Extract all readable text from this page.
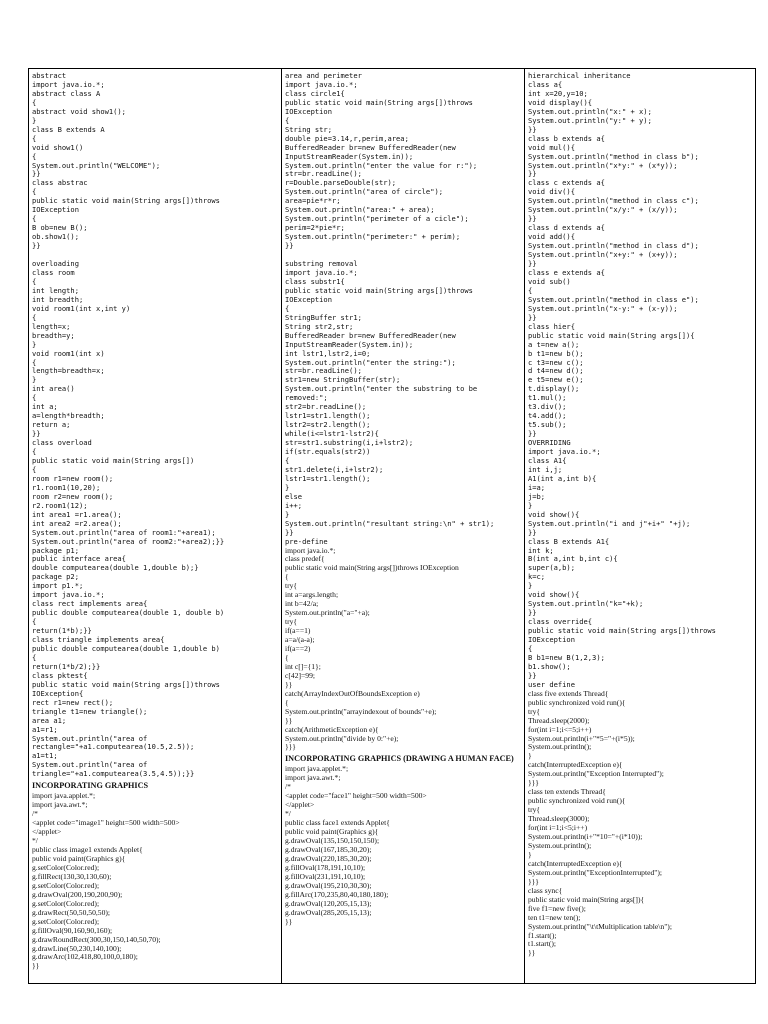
abstract
import java.io.*;
abstract class A
{
abstract void show1();
}
class B extends A
{
void show1()
{
System.out.println("WELCOME");
}}
class abstrac
{
public static void main(String args[])throws
IOException
{
B ob=new B();
ob.show1();
}}

overloading
class room
{
int length;
int breadth;
void room1(int x,int y)
{
length=x;
breadth=y;
}
void room1(int x)
{
length=breadth=x;
}
int area()
{
int a;
a=length*breadth;
return a;
}}
class overload
{
public static void main(String args[])
{
room r1=new room();
r1.room1(10,20);
room r2=new room();
r2.room1(12);
int area1 =r1.area();
int area2 =r2.area();
System.out.println("area of room1:"+area1);
System.out.println("area of room2:"+area2);}}
package p1;
public interface area{
double computearea(double 1,double b);}
package p2;
import p1.*;
import java.io.*;
class rect implements area{
public double computearea(double 1, double b)
{
return(1*b);}}
class triangle implements area{
public double computearea(double 1,double b)
{
return(1*b/2);}}
class pktest{
public static void main(String args[])throws
IOException{
rect r1=new rect();
triangle t1=new triangle();
area a1;
a1=r1;
System.out.println("area of
rectangle="+a1.computearea(10.5,2.5));
a1=t1;
System.out.println("area of
triangle="+a1.computearea(3.5,4.5));}}
INCORPORATING GRAPHICS
import java.applet.*;
import java.awt.*;
/*
<applet code="image1" height=500 width=500>
</applet>
*/
public class image1 extends Applet{
public void paint(Graphics g){
g.setColor(Color.red);
g.fillRect(130,30,130,60);
g.setColor(Color.red);
g.drawOval(200,190,200,90);
g.setColor(Color.red);
g.drawRect(50,50,50,50);
g.setColor(Color.red);
g.fillOval(90,160,90,160);
g.drawRoundRect(300,30,150,140,50,70);
g.drawLine(50,230,140,100);
g.drawArc(102,418,80,100,0,180);
}}
area and perimeter
import java.io.*;
class circle1{
public static void main(String args[])throws
IOException
{
String str;
double pie=3.14,r,perim,area;
BufferedReader br=new BufferedReader(new
InputStreamReader(System.in));
System.out.println("enter the value for r:");
str=br.readLine();
r=Double.parseDouble(str);
System.out.println("area of circle");
area=pie*r*r;
System.out.println("area:" + area);
System.out.println("perimeter of a cicle");
perim=2*pie*r;
System.out.println("perimeter:" + perim);
}}

substring removal
import java.io.*;
class substr1{
public static void main(String args[])throws
IOException
{
StringBuffer str1;
String str2,str;
BufferedReader br=new BufferedReader(new
InputStreamReader(System.in));
int lstr1,lstr2,i=0;
System.out.println("enter the string:");
str=br.readLine();
str1=new StringBuffer(str);
System.out.println("enter the substring to be
removed:";
str2=br.readLine();
lstr1=str1.length();
lstr2=str2.length();
while(i<=lstr1-lstr2){
str=str1.substring(i,i+lstr2);
if(str.equals(str2))
{
str1.delete(i,i+lstr2);
lstr1=str1.length();
}
else
i++;
}
System.out.println("resultant string:\n" + str1);
}}
pre-define
import java.io.*;
class predef{
public static void main(String args[])throws IOException
{
try{
int a=args.length;
int b=42/a;
System.out.println("a="+a);
try{
if(a==1)
a=a/(a-a);
if(a==2)
{
int c[]={1};
c[42]=99;
}}
catch(ArrayIndexOutOfBoundsException e)
{
System.out.println("arrayindexout of bounds"+e);
}}
catch(ArithmeticException e){
System.out.println("divide by 0:"+e);
}}}
INCORPORATING GRAPHICS (DRAWING A HUMAN FACE)
import java.applet.*;
import java.awt.*;
/*
<applet code="face1" height=500 width=500>
</applet>
*/
public class face1 extends Applet{
public void paint(Graphics g){
g.drawOval(135,150,150,150);
g.drawOval(167,185,30,20);
g.drawOval(220,185,30,20);
g.fillOval(178,191,10,10);
g.fillOval(231,191,10,10);
g.drawOval(195,210,30,30);
g.fillArc(170,235,80,40,180,180);
g.drawOval(120,205,15,13);
g.drawOval(285,205,15,13);
}}
hierarchical inheritance
class a{
int x=20,y=10;
void display(){
System.out.println("x:" + x);
System.out.println("y:" + y);
}}
class b extends a{
void mul(){
System.out.println("method in class b");
System.out.println("x*y:" + (x*y));
}}
class c extends a{
void div(){
System.out.println("method in class c");
System.out.println("x/y:" + (x/y));
}}
class d extends a{
void add(){
System.out.println("method in class d");
System.out.println("x+y:" + (x+y));
}}
class e extends a{
void sub()
{
System.out.println("method in class e");
System.out.println("x-y:" + (x-y));
}}
class hier{
public static void main(String args[]){
a t=new a();
b t1=new b();
c t3=new c();
d t4=new d();
e t5=new e();
t.display();
t1.mul();
t3.div();
t4.add();
t5.sub();
}}
OVERRIDING
import java.io.*;
class A1{
int i,j;
A1(int a,int b){
i=a;
j=b;
}
void show(){
System.out.println("i and j"+i+" "+j);
}}
class B extends A1{
int k;
B(int a,int b,int c){
super(a,b);
k=c;
}
void show(){
System.out.println("k="+k);
}}
class override{
public static void main(String args[])throws
IOException
{
B b1=new B(1,2,3);
b1.show();
}}
user define
class five extends Thread{
public synchronized void run(){
try{
Thread.sleep(2000);
for(int i=1;i<=5;i++)
System.out.println(i+"*5="+(i*5));
System.out.println();
}
catch(InterruptedException e){
System.out.println("Exception Interrupted");
}}}
class ten extends Thread{
public synchronized void run(){
try{
Thread.sleep(3000);
for(int i=1;i<5;i++)
System.out.println(i+"*10="+(i*10));
System.out.println();
}
catch(InterruptedException e){
System.out.println("ExceptionInterrupted");
}}}
class sync{
public static void main(String args[]){
five f1=new five();
ten t1=new ten();
System.out.println("\t\tMultiplication table\n");
f1.start();
t1.start();
}}
